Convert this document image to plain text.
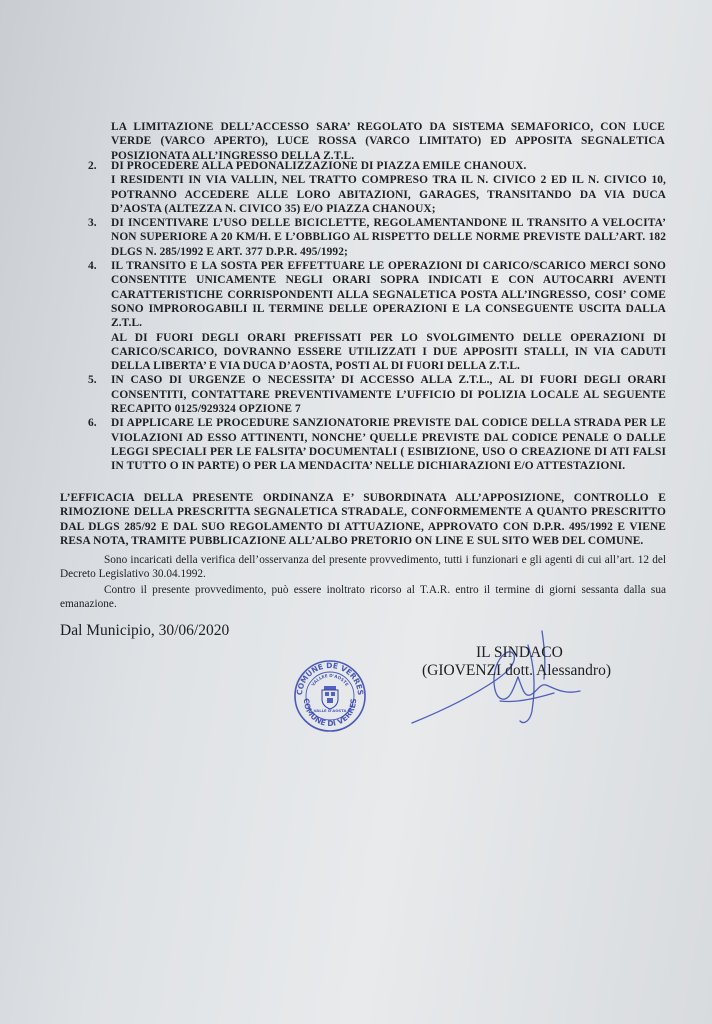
LA LIMITAZIONE DELL’ACCESSO SARA’ REGOLATO DA SISTEMA SEMAFORICO, CON LUCE VERDE (VARCO APERTO), LUCE ROSSA (VARCO LIMITATO) ED APPOSITA SEGNALETICA POSIZIONATA ALL’INGRESSO DELLA Z.T.L.
2. DI PROCEDERE ALLA PEDONALIZZAZIONE DI PIAZZA EMILE CHANOUX.

I RESIDENTI IN VIA VALLIN, NEL TRATTO COMPRESO TRA IL N. CIVICO 2 ED IL N. CIVICO 10, POTRANNO ACCEDERE ALLE LORO ABITAZIONI, GARAGES, TRANSITANDO DA VIA DUCA D’AOSTA (ALTEZZA N. CIVICO 35) E/O PIAZZA CHANOUX;

3. DI INCENTIVARE L’USO DELLE BICICLETTE, REGOLAMENTANDONE IL TRANSITO A VELOCITA’ NON SUPERIORE A 20 KM/H. E L’OBBLIGO AL RISPETTO DELLE NORME PREVISTE DALL’ART. 182 DLGS N. 285/1992 E ART. 377 D.P.R. 495/1992;

4. IL TRANSITO E LA SOSTA PER EFFETTUARE LE OPERAZIONI DI CARICO/SCARICO MERCI SONO CONSENTITE UNICAMENTE NEGLI ORARI SOPRA INDICATI E CON AUTOCARRI AVENTI CARATTERISTICHE CORRISPONDENTI ALLA SEGNALETICA POSTA ALL’INGRESSO, COSI’ COME SONO IMPROROGABILI IL TERMINE DELLE OPERAZIONI E LA CONSEGUENTE USCITA DALLA Z.T.L.

AL DI FUORI DEGLI ORARI PREFISSATI PER LO SVOLGIMENTO DELLE OPERAZIONI DI CARICO/SCARICO, DOVRANNO ESSERE UTILIZZATI I DUE APPOSITI STALLI, IN VIA CADUTI DELLA LIBERTA’ E VIA DUCA D’AOSTA, POSTI AL DI FUORI DELLA Z.T.L.

5. IN CASO DI URGENZE O NECESSITA’ DI ACCESSO ALLA Z.T.L., AL DI FUORI DEGLI ORARI CONSENTITI, CONTATTARE PREVENTIVAMENTE L’UFFICIO DI POLIZIA LOCALE AL SEGUENTE RECAPITO 0125/929324 OPZIONE 7

6. DI APPLICARE LE PROCEDURE SANZIONATORIE PREVISTE DAL CODICE DELLA STRADA PER LE VIOLAZIONI AD ESSO ATTINENTI, NONCHE’ QUELLE PREVISTE DAL CODICE PENALE O DALLE LEGGI SPECIALI PER LE FALSITA’ DOCUMENTALI ( ESIBIZIONE, USO O CREAZIONE DI ATI FALSI IN TUTTO O IN PARTE) O PER LA MENDACITA’ NELLE DICHIARAZIONI E/O ATTESTAZIONI.

L’EFFICACIA DELLA PRESENTE ORDINANZA E’ SUBORDINATA ALL’APPOSIZIONE, CONTROLLO E RIMOZIONE DELLA PRESCRITTA SEGNALETICA STRADALE, CONFORMEMENTE A QUANTO PRESCRITTO DAL DLGS 285/92 E DAL SUO REGOLAMENTO DI ATTUAZIONE, APPROVATO CON D.P.R. 495/1992 E VIENE RESA NOTA, TRAMITE PUBBLICAZIONE ALL’ALBO PRETORIO ON LINE E SUL SITO WEB DEL COMUNE.

Sono incaricati della verifica dell’osservanza del presente provvedimento, tutti i funzionari e gli agenti di cui all’art. 12 del Decreto Legislativo 30.04.1992.

Contro il presente provvedimento, può essere inoltrato ricorso al T.A.R. entro il termine di giorni sessanta dalla sua emanazione.

Dal Municipio, 30/06/2020
COMUNE DE VERRES
COMUNE DI VERRES
VALLEE D'AOSTE
VALLE D'AOSTA
IL SINDACO
(GIOVENZI dott. Alessandro)
